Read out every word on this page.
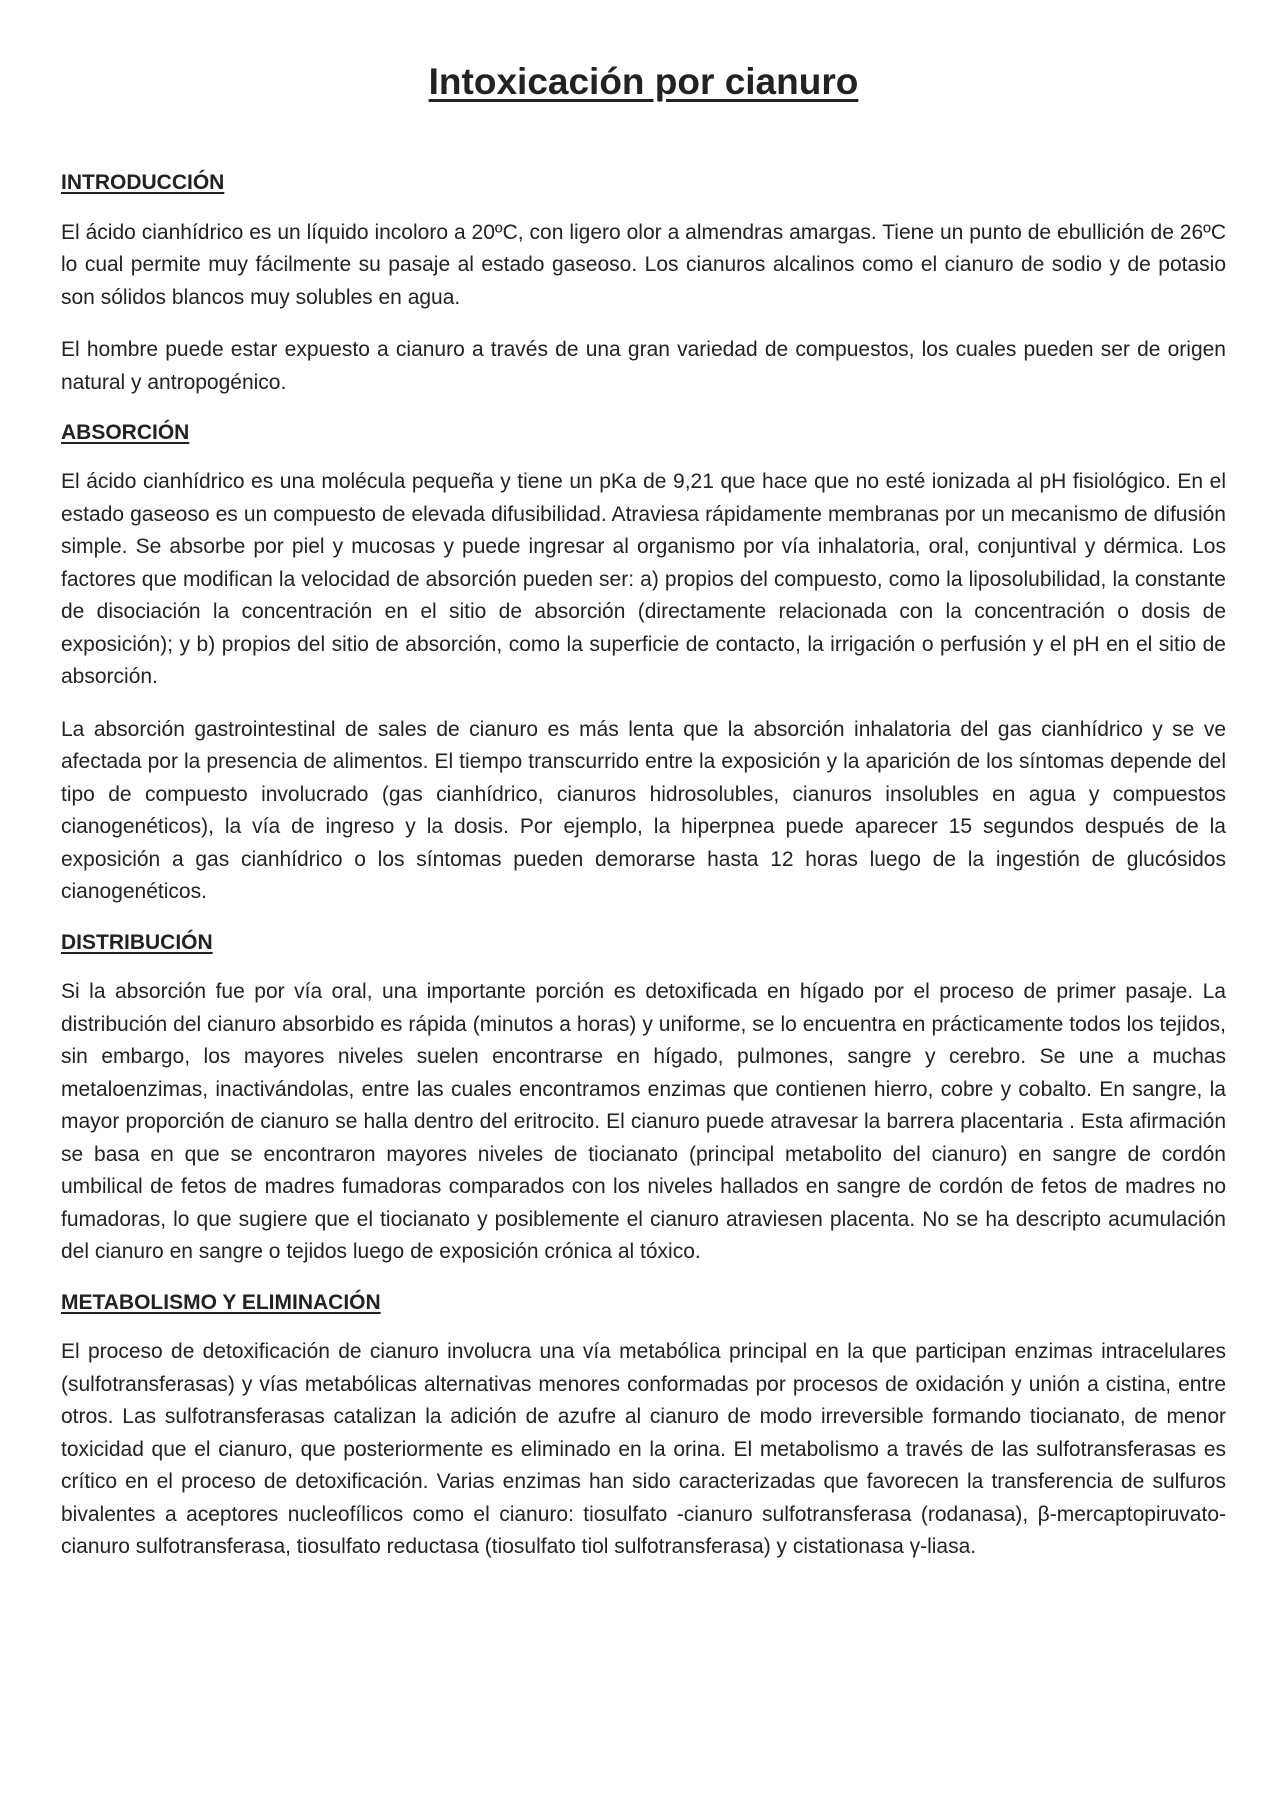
Intoxicación por cianuro
INTRODUCCIÓN

El ácido cianhídrico es un líquido incoloro a 20ºC, con ligero olor a almendras amargas. Tiene un punto de ebullición de 26ºC lo cual permite muy fácilmente su pasaje al estado gaseoso. Los cianuros alcalinos como el cianuro de sodio y de potasio son sólidos blancos muy solubles en agua.

El hombre puede estar expuesto a cianuro a través de una gran variedad de compuestos, los cuales pueden ser de origen natural y antropogénico.

ABSORCIÓN

El ácido cianhídrico es una molécula pequeña y tiene un pKa de 9,21 que hace que no esté ionizada al pH fisiológico. En el estado gaseoso es un compuesto de elevada difusibilidad. Atraviesa rápidamente membranas por un mecanismo de difusión simple. Se absorbe por piel y mucosas y puede ingresar al organismo por vía inhalatoria, oral, conjuntival y dérmica. Los factores que modifican la velocidad de absorción pueden ser: a) propios del compuesto, como la liposolubilidad, la constante de disociación la concentración en el sitio de absorción (directamente relacionada con la concentración o dosis de exposición); y b) propios del sitio de absorción, como la superficie de contacto, la irrigación o perfusión y el pH en el sitio de absorción.

La absorción gastrointestinal de sales de cianuro es más lenta que la absorción inhalatoria del gas cianhídrico y se ve afectada por la presencia de alimentos. El tiempo transcurrido entre la exposición y la aparición de los síntomas depende del tipo de compuesto involucrado (gas cianhídrico, cianuros hidrosolubles, cianuros insolubles en agua y compuestos cianogenéticos), la vía de ingreso y la dosis. Por ejemplo, la hiperpnea puede aparecer 15 segundos después de la exposición a gas cianhídrico o los síntomas pueden demorarse hasta 12 horas luego de la ingestión de glucósidos cianogenéticos.

DISTRIBUCIÓN

Si la absorción fue por vía oral, una importante porción es detoxificada en hígado por el proceso de primer pasaje. La distribución del cianuro absorbido es rápida (minutos a horas) y uniforme, se lo encuentra en prácticamente todos los tejidos, sin embargo, los mayores niveles suelen encontrarse en hígado, pulmones, sangre y cerebro. Se une a muchas metaloenzimas, inactivándolas, entre las cuales encontramos enzimas que contienen hierro, cobre y cobalto. En sangre, la mayor proporción de cianuro se halla dentro del eritrocito. El cianuro puede atravesar la barrera placentaria . Esta afirmación se basa en que se encontraron mayores niveles de tiocianato (principal metabolito del cianuro) en sangre de cordón umbilical de fetos de madres fumadoras comparados con los niveles hallados en sangre de cordón de fetos de madres no fumadoras, lo que sugiere que el tiocianato y posiblemente el cianuro atraviesen placenta. No se ha descripto acumulación del cianuro en sangre o tejidos luego de exposición crónica al tóxico.

METABOLISMO Y ELIMINACIÓN

El proceso de detoxificación de cianuro involucra una vía metabólica principal en la que participan enzimas intracelulares (sulfotransferasas) y vías metabólicas alternativas menores conformadas por procesos de oxidación y unión a cistina, entre otros. Las sulfotransferasas catalizan la adición de azufre al cianuro de modo irreversible formando tiocianato, de menor toxicidad que el cianuro, que posteriormente es eliminado en la orina. El metabolismo a través de las sulfotransferasas es crítico en el proceso de detoxificación. Varias enzimas han sido caracterizadas que favorecen la transferencia de sulfuros bivalentes a aceptores nucleofílicos como el cianuro: tiosulfato -cianuro sulfotransferasa (rodanasa), β-mercaptopiruvato-cianuro sulfotransferasa, tiosulfato reductasa (tiosulfato tiol sulfotransferasa) y cistationasa γ-liasa.
